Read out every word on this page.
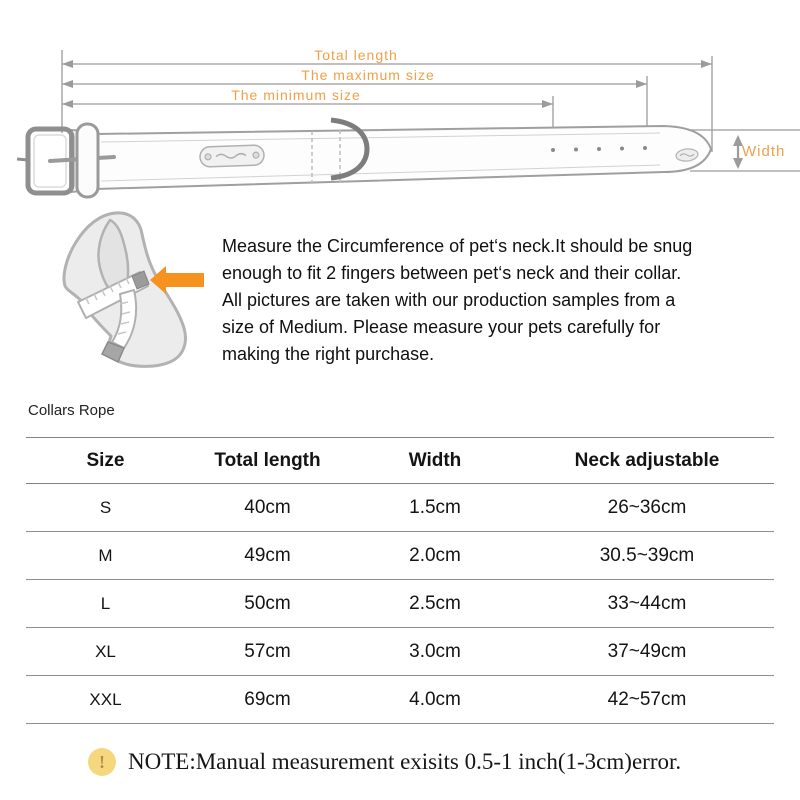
Total length
The maximum size
The minimum size
Width
Measure the Circumference of pet‘s neck.It should be snug
enough to fit 2 fingers between pet‘s neck and their collar.
All pictures are taken with our production samples from a
size of Medium. Please measure your pets carefully for
making the right purchase.
Collars Rope
Size	Total length	Width	Neck adjustable
S	40cm	1.5cm	26~36cm
M	49cm	2.0cm	30.5~39cm
L	50cm	2.5cm	33~44cm
XL	57cm	3.0cm	37~49cm
XXL	69cm	4.0cm	42~57cm
!	NOTE:Manual measurement exisits 0.5-1 inch(1-3cm)error.
